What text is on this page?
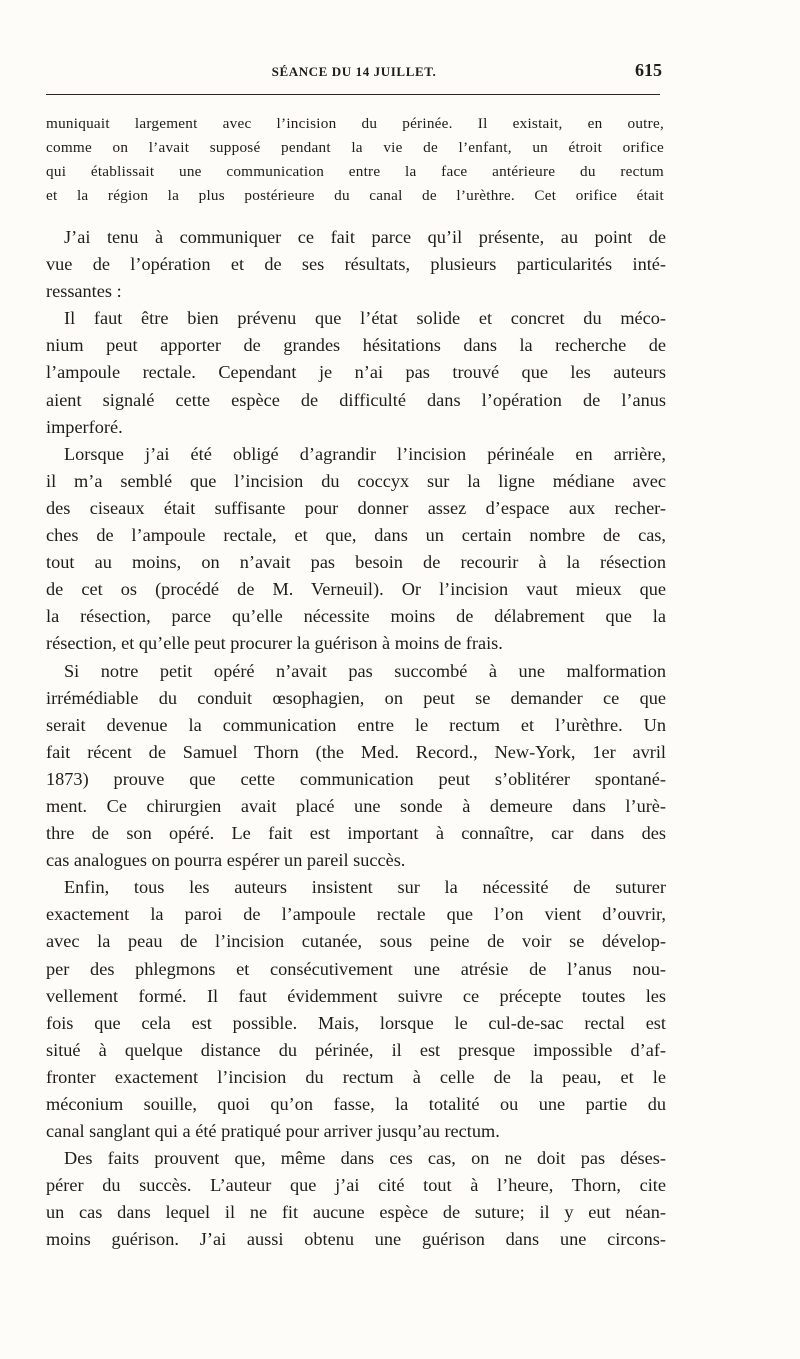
SÉANCE DU 14 JUILLET.	615
muniquait largement avec l’incision du périnée. Il existait, en outre,
comme on l’avait supposé pendant la vie de l’enfant, un étroit orifice
qui établissait une communication entre la face antérieure du rectum
et la région la plus postérieure du canal de l’urèthre. Cet orifice était
J’ai tenu à communiquer ce fait parce qu’il présente, au point de
vue de l’opération et de ses résultats, plusieurs particularités inté-
ressantes :
Il faut être bien prévenu que l’état solide et concret du méco-
nium peut apporter de grandes hésitations dans la recherche de
l’ampoule rectale. Cependant je n’ai pas trouvé que les auteurs
aient signalé cette espèce de difficulté dans l’opération de l’anus
imperforé.
Lorsque j’ai été obligé d’agrandir l’incision périnéale en arrière,
il m’a semblé que l’incision du coccyx sur la ligne médiane avec
des ciseaux était suffisante pour donner assez d’espace aux recher-
ches de l’ampoule rectale, et que, dans un certain nombre de cas,
tout au moins, on n’avait pas besoin de recourir à la résection
de cet os (procédé de M. Verneuil). Or l’incision vaut mieux que
la résection, parce qu’elle nécessite moins de délabrement que la
résection, et qu’elle peut procurer la guérison à moins de frais.
Si notre petit opéré n’avait pas succombé à une malformation
irrémédiable du conduit œsophagien, on peut se demander ce que
serait devenue la communication entre le rectum et l’urèthre. Un
fait récent de Samuel Thorn (the Med. Record., New-York, 1er avril
1873) prouve que cette communication peut s’oblitérer spontané-
ment. Ce chirurgien avait placé une sonde à demeure dans l’urè-
thre de son opéré. Le fait est important à connaître, car dans des
cas analogues on pourra espérer un pareil succès.
Enfin, tous les auteurs insistent sur la nécessité de suturer
exactement la paroi de l’ampoule rectale que l’on vient d’ouvrir,
avec la peau de l’incision cutanée, sous peine de voir se dévelop-
per des phlegmons et consécutivement une atrésie de l’anus nou-
vellement formé. Il faut évidemment suivre ce précepte toutes les
fois que cela est possible. Mais, lorsque le cul-de-sac rectal est
situé à quelque distance du périnée, il est presque impossible d’af-
fronter exactement l’incision du rectum à celle de la peau, et le
méconium souille, quoi qu’on fasse, la totalité ou une partie du
canal sanglant qui a été pratiqué pour arriver jusqu’au rectum.
Des faits prouvent que, même dans ces cas, on ne doit pas déses-
pérer du succès. L’auteur que j’ai cité tout à l’heure, Thorn, cite
un cas dans lequel il ne fit aucune espèce de suture; il y eut néan-
moins guérison. J’ai aussi obtenu une guérison dans une circons-
